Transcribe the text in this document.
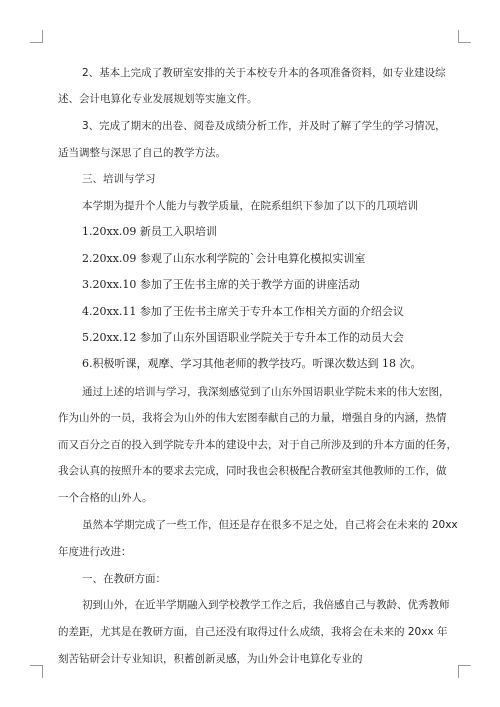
2、基本上完成了教研室安排的关于本校专升本的各项准备资料，如专业建设综
述、会计电算化专业发展规划等实施文件。
3、完成了期末的出卷、阅卷及成绩分析工作，并及时了解了学生的学习情况，
适当调整与深思了自己的教学方法。
三、培训与学习
本学期为提升个人能力与教学质量，在院系组织下参加了以下的几项培训
1.20xx.09 新员工入职培训
2.20xx.09 参观了山东水利学院的`会计电算化模拟实训室
3.20xx.10 参加了王佐书主席的关于教学方面的讲座活动
4.20xx.11 参加了王佐书主席关于专升本工作相关方面的介绍会议
5.20xx.12 参加了山东外国语职业学院关于专升本工作的动员大会
6.积极听课，观摩、学习其他老师的教学技巧。听课次数达到 18 次。
通过上述的培训与学习，我深刻感觉到了山东外国语职业学院未来的伟大宏图，
作为山外的一员，我将会为山外的伟大宏图奉献自己的力量，增强自身的内涵，热情
而又百分之百的投入到学院专升本的建设中去，对于自己所涉及到的升本方面的任务，
我会认真的按照升本的要求去完成，同时我也会积极配合教研室其他教师的工作，做
一个合格的山外人。
虽然本学期完成了一些工作，但还是存在很多不足之处，自己将会在未来的 20xx
年度进行改进：
一、在教研方面：
初到山外，在近半学期融入到学校教学工作之后，我倍感自己与教龄、优秀教师
的差距，尤其是在教研方面，自己还没有取得过什么成绩，我将会在未来的 20xx 年
刻苦钻研会计专业知识，积蓄创新灵感，为山外会计电算化专业的
